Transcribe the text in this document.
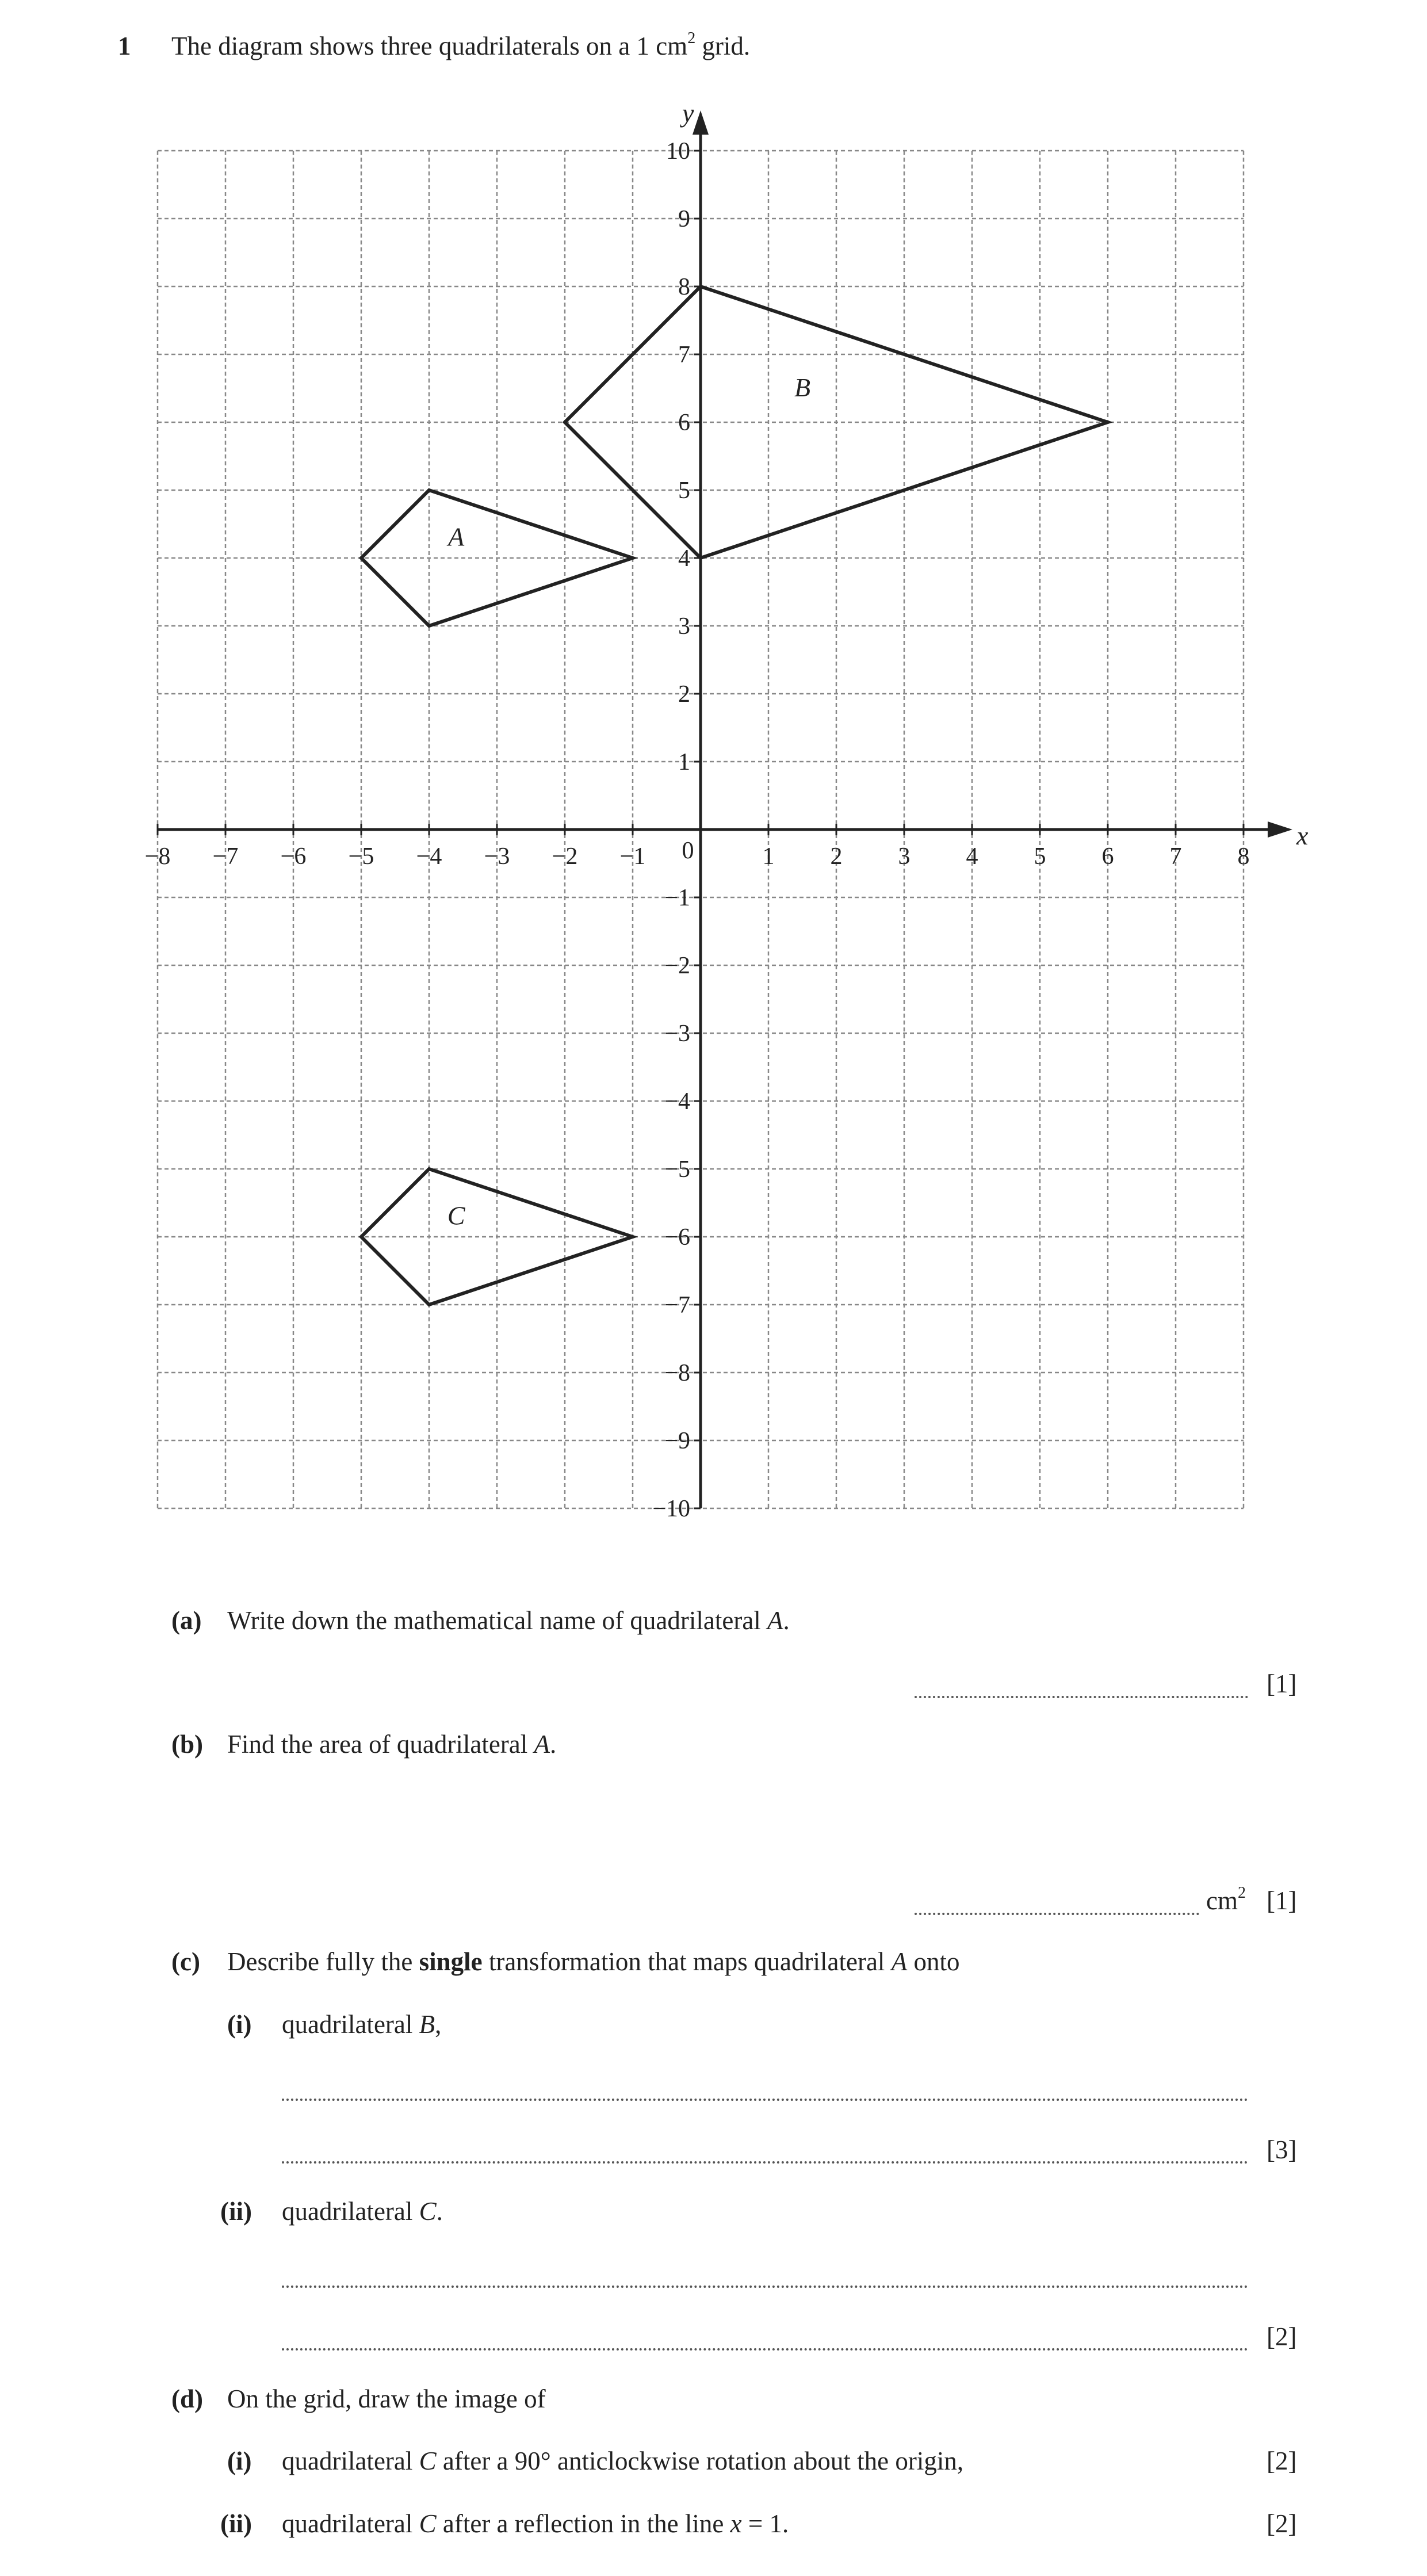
1 The diagram shows three quadrilaterals on a 1 $cm^2$ grid.
x
y
−8 −7 −6 −5 −4 −3 −2 −1	1 2 3 4 5 6 7 8
−10
−9
−8
−7
−6
−5
−4
−3
−2
−1
1
2
3
4
5
6
7
8
9
10
0
A
B
C
(a) Write down the mathematical name of quadrilateral A.
[1]
(b) Find the area of quadrilateral A.
$cm^2$ [1]
(c) Describe fully the single transformation that maps quadrilateral A onto
(i) quadrilateral B,
[3]
(ii) quadrilateral C.
[2]
(d) On the grid, draw the image of
(i) quadrilateral C after a 90° anticlockwise rotation about the origin,	[2]
(ii) quadrilateral C after a reflection in the line x = 1.	[2]
